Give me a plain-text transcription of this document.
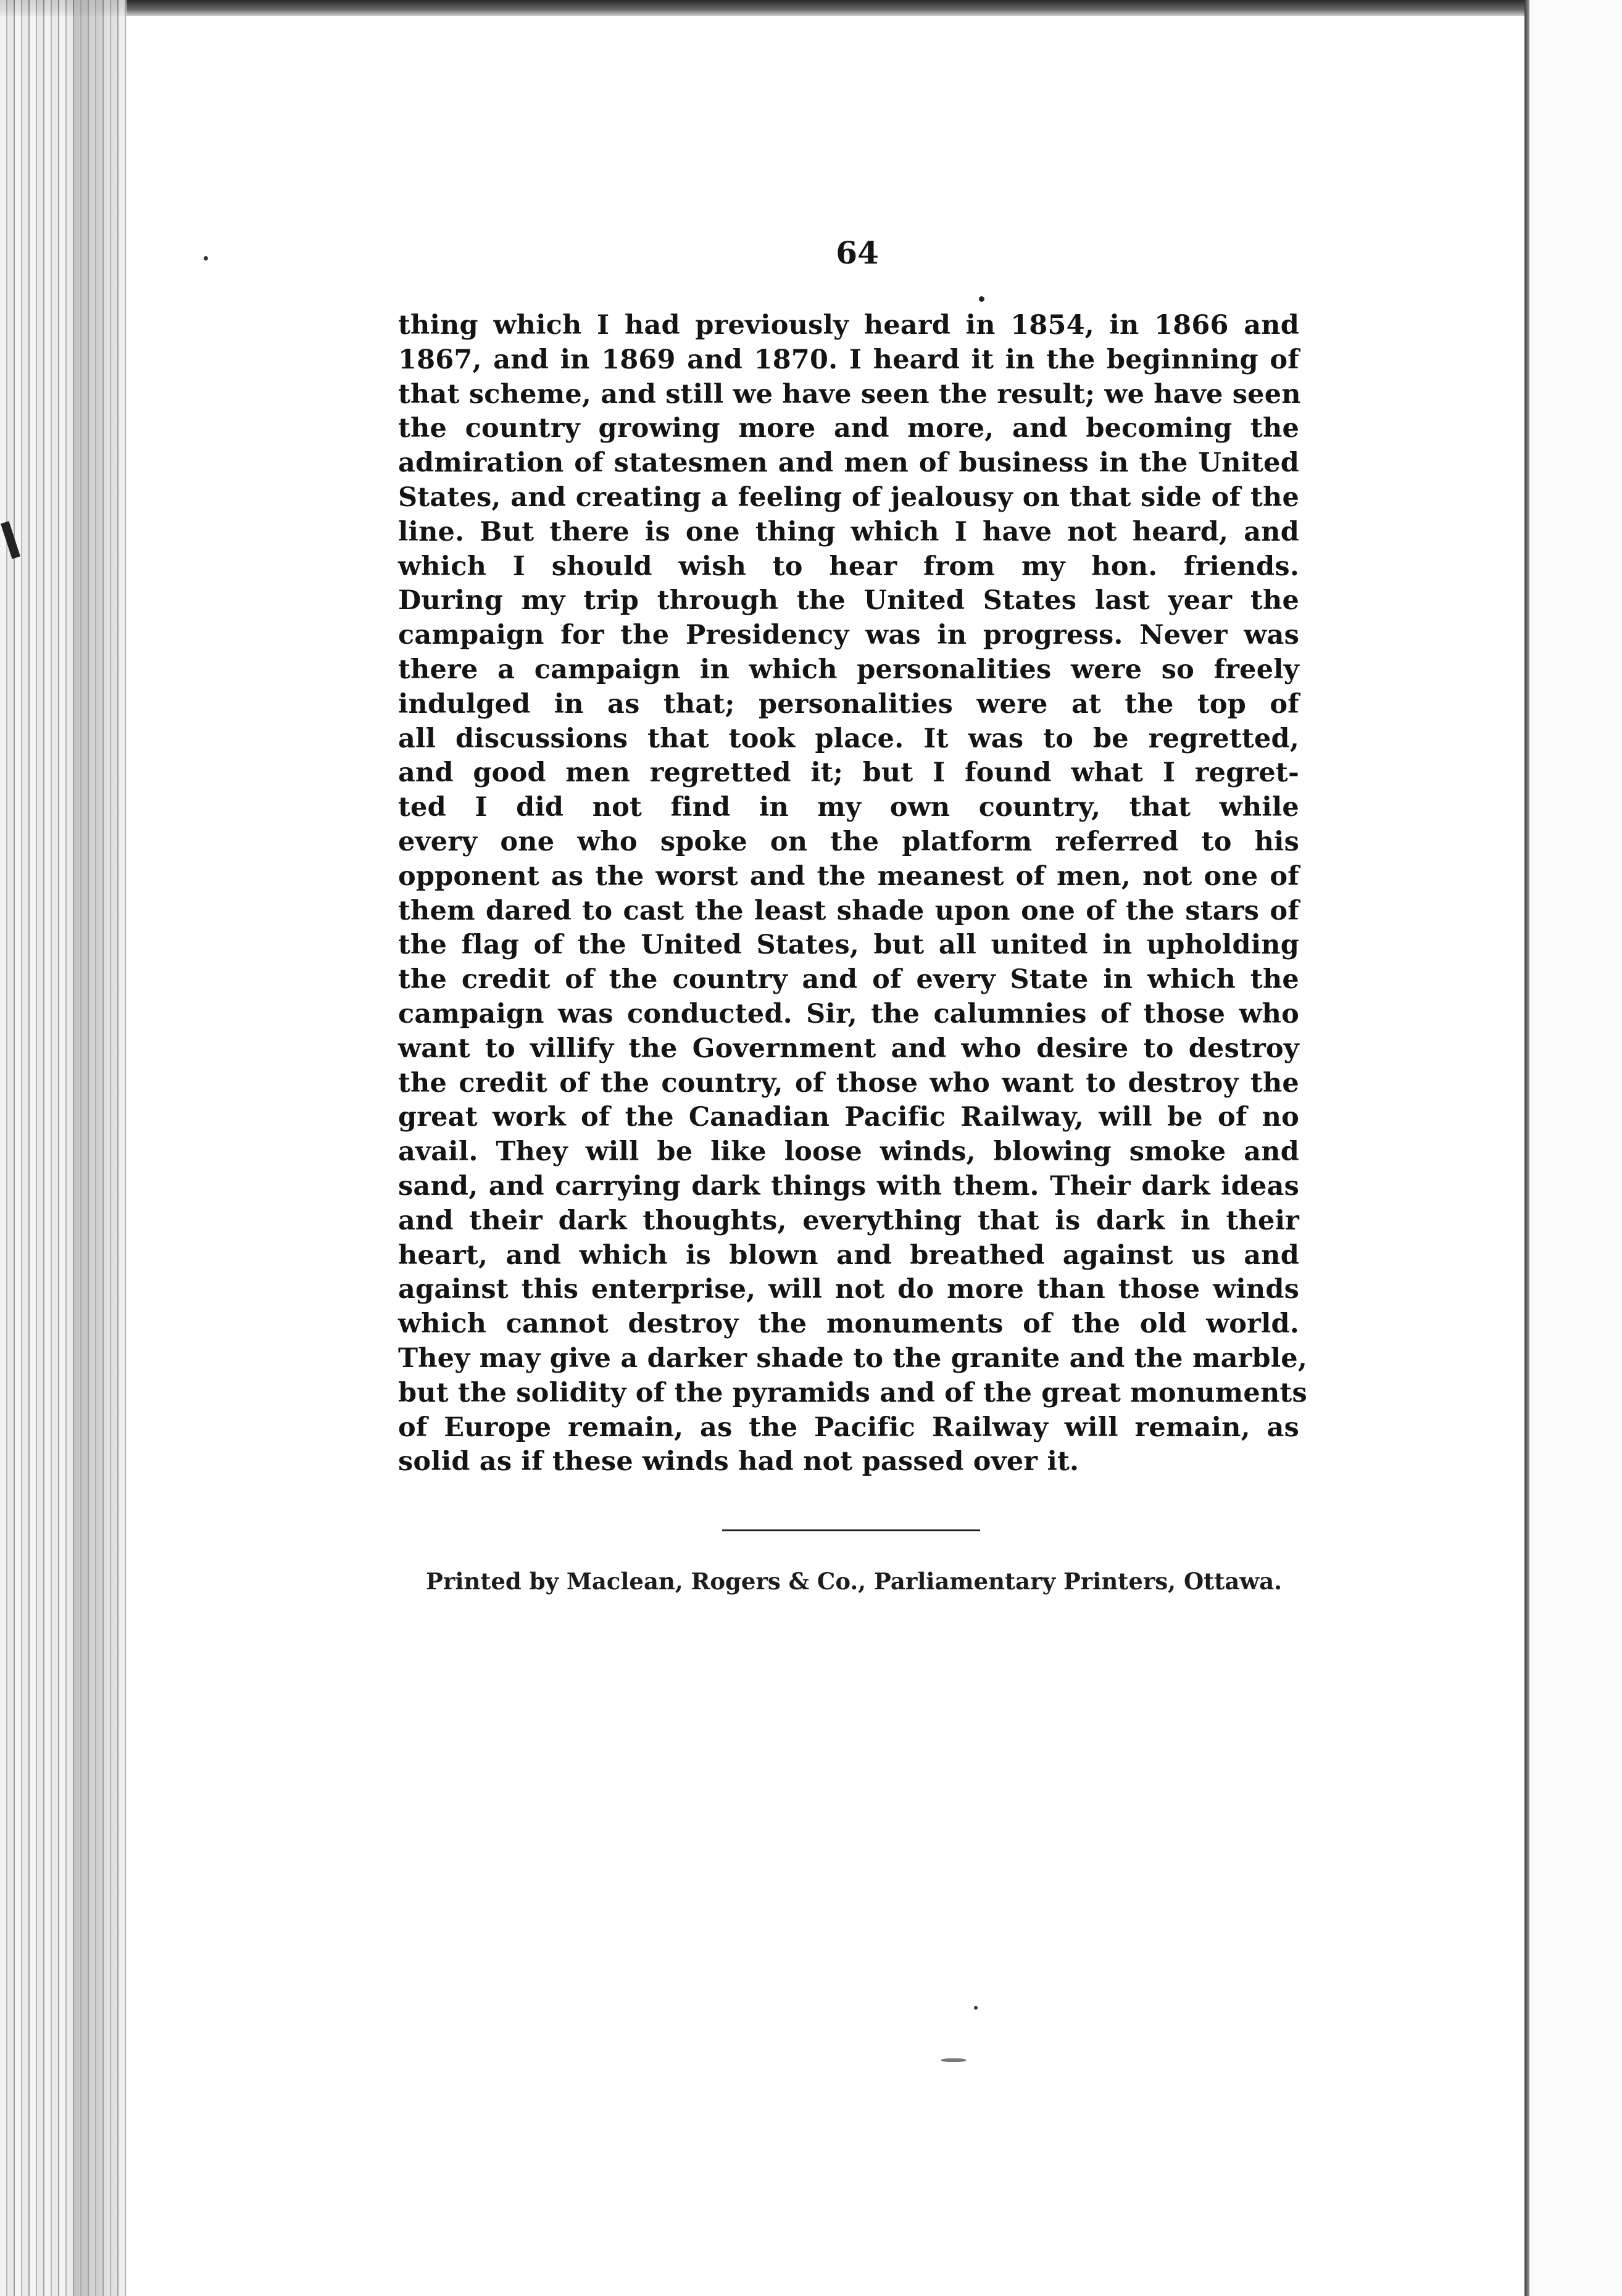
64
thing which I had previously heard in 1854, in 1866 and
1867, and in 1869 and 1870. I heard it in the beginning of
that scheme, and still we have seen the result; we have seen
the country growing more and more, and becoming the
admiration of statesmen and men of business in the United
States, and creating a feeling of jealousy on that side of the
line. But there is one thing which I have not heard, and
which I should wish to hear from my hon. friends.
During my trip through the United States last year the
campaign for the Presidency was in progress. Never was
there a campaign in which personalities were so freely
indulged in as that; personalities were at the top of
all discussions that took place. It was to be regretted,
and good men regretted it; but I found what I regret-
ted I did not find in my own country, that while
every one who spoke on the platform referred to his
opponent as the worst and the meanest of men, not one of
them dared to cast the least shade upon one of the stars of
the flag of the United States, but all united in upholding
the credit of the country and of every State in which the
campaign was conducted. Sir, the calumnies of those who
want to villify the Government and who desire to destroy
the credit of the country, of those who want to destroy the
great work of the Canadian Pacific Railway, will be of no
avail. They will be like loose winds, blowing smoke and
sand, and carrying dark things with them. Their dark ideas
and their dark thoughts, everything that is dark in their
heart, and which is blown and breathed against us and
against this enterprise, will not do more than those winds
which cannot destroy the monuments of the old world.
They may give a darker shade to the granite and the marble,
but the solidity of the pyramids and of the great monuments
of Europe remain, as the Pacific Railway will remain, as
solid as if these winds had not passed over it.
Printed by Maclean, Rogers & Co., Parliamentary Printers, Ottawa.
